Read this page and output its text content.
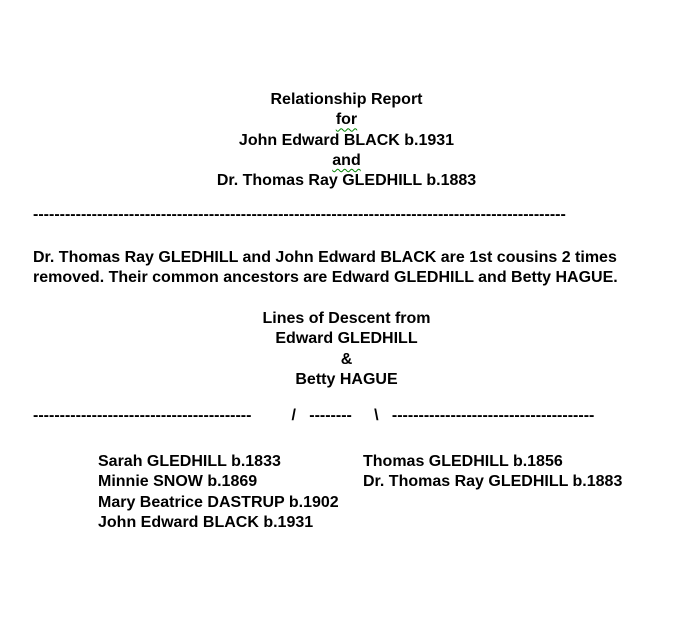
Relationship Report
for
John Edward BLACK b.1931
and
Dr. Thomas Ray GLEDHILL b.1883
----------------------------------------------------------------------------------------------------
Dr. Thomas Ray GLEDHILL and John Edward BLACK are 1st cousins 2 times
removed. Their common ancestors are Edward GLEDHILL and Betty HAGUE.
Lines of Descent from
Edward GLEDHILL
&
Betty HAGUE
-----------------------------------------         /   --------     \   --------------------------------------
Sarah GLEDHILL b.1833
Minnie SNOW b.1869
Mary Beatrice DASTRUP b.1902
John Edward BLACK b.1931
Thomas GLEDHILL b.1856
Dr. Thomas Ray GLEDHILL b.1883
